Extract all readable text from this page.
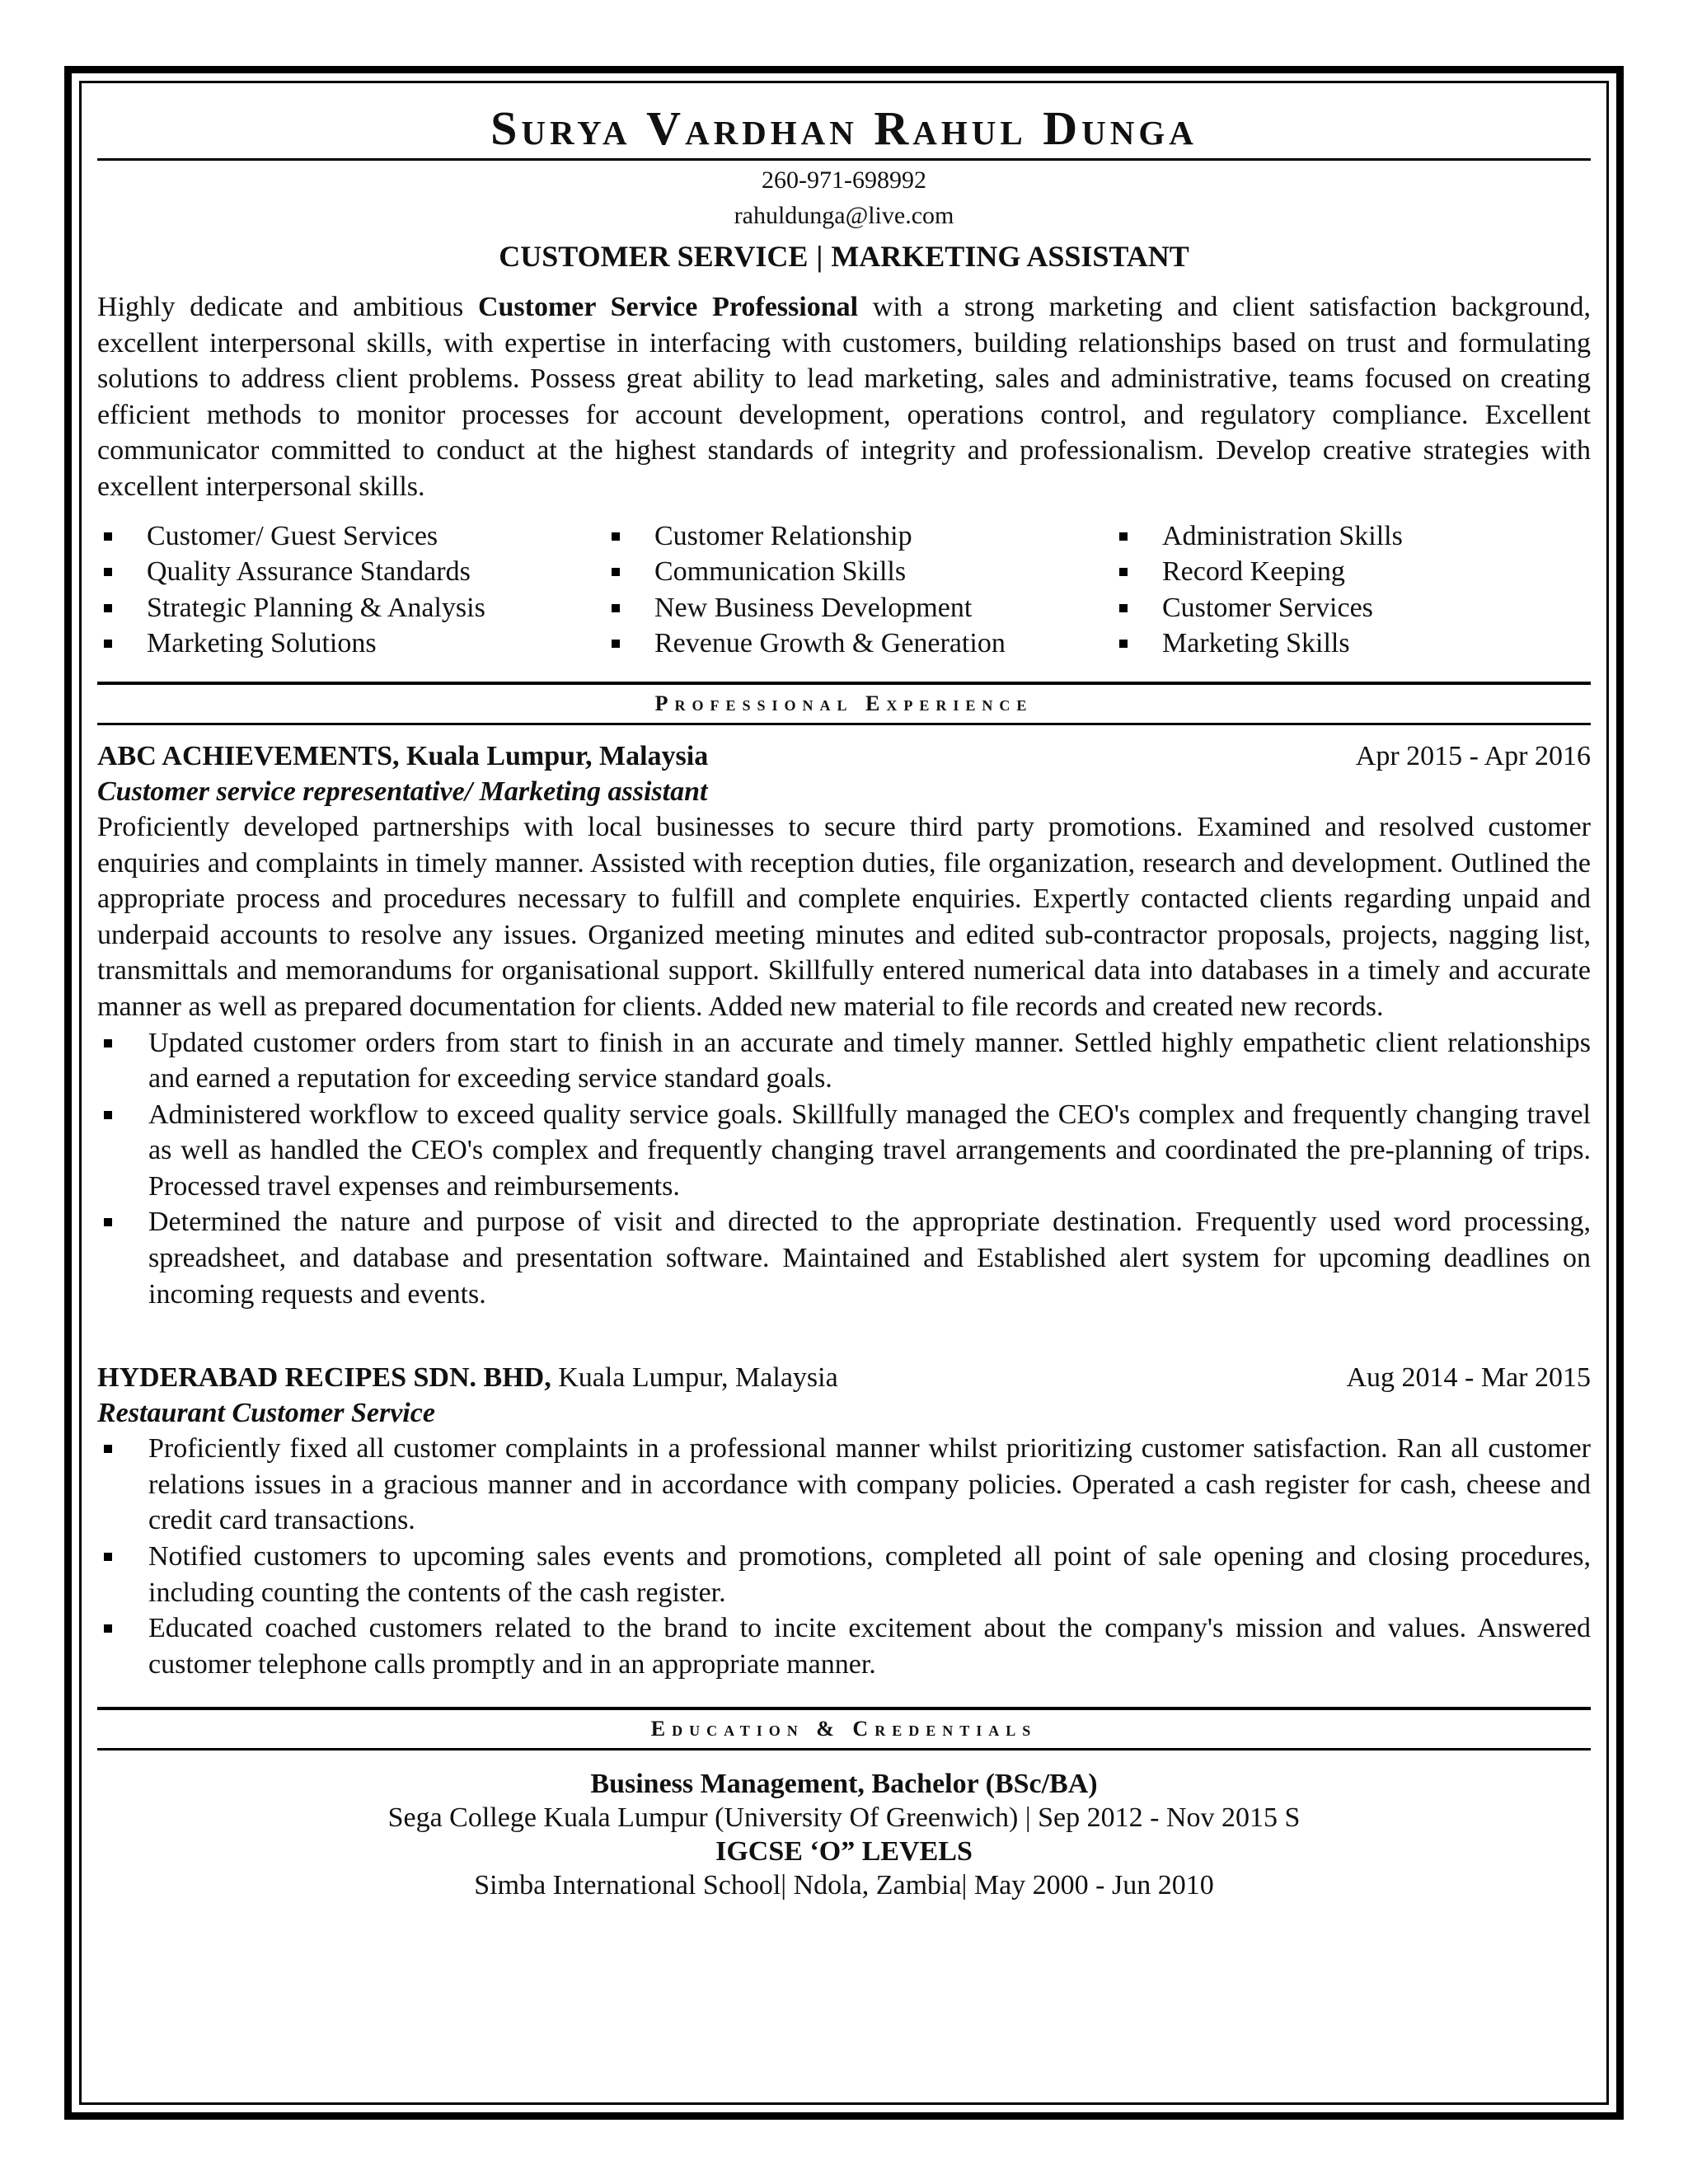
Surya Vardhan Rahul Dunga
260-971-698992
rahuldunga@live.com
CUSTOMER SERVICE | MARKETING ASSISTANT

Highly dedicate and ambitious Customer Service Professional with a strong marketing and client satisfaction background, excellent interpersonal skills, with expertise in interfacing with customers, building relationships based on trust and formulating solutions to address client problems. Possess great ability to lead marketing, sales and administrative, teams focused on creating efficient methods to monitor processes for account development, operations control, and regulatory compliance. Excellent communicator committed to conduct at the highest standards of integrity and professionalism. Develop creative strategies with excellent interpersonal skills.

Customer/ Guest Services
Quality Assurance Standards
Strategic Planning & Analysis
Marketing Solutions
Customer Relationship
Communication Skills
New Business Development
Revenue Growth & Generation
Administration Skills
Record Keeping
Customer Services
Marketing Skills
Professional Experience
ABC ACHIEVEMENTS, Kuala Lumpur, Malaysia	Apr 2015 - Apr 2016
Customer service representative/ Marketing assistant

Proficiently developed partnerships with local businesses to secure third party promotions. Examined and resolved customer enquiries and complaints in timely manner. Assisted with reception duties, file organization, research and development. Outlined the appropriate process and procedures necessary to fulfill and complete enquiries. Expertly contacted clients regarding unpaid and underpaid accounts to resolve any issues. Organized meeting minutes and edited sub-contractor proposals, projects, nagging list, transmittals and memorandums for organisational support. Skillfully entered numerical data into databases in a timely and accurate manner as well as prepared documentation for clients. Added new material to file records and created new records.

Updated customer orders from start to finish in an accurate and timely manner. Settled highly empathetic client relationships and earned a reputation for exceeding service standard goals.
Administered workflow to exceed quality service goals. Skillfully managed the CEO's complex and frequently changing travel as well as handled the CEO's complex and frequently changing travel arrangements and coordinated the pre-planning of trips. Processed travel expenses and reimbursements.
Determined the nature and purpose of visit and directed to the appropriate destination. Frequently used word processing, spreadsheet, and database and presentation software. Maintained and Established alert system for upcoming deadlines on incoming requests and events.
HYDERABAD RECIPES SDN. BHD, Kuala Lumpur, Malaysia	Aug 2014 - Mar 2015
Restaurant Customer Service
Proficiently fixed all customer complaints in a professional manner whilst prioritizing customer satisfaction. Ran all customer relations issues in a gracious manner and in accordance with company policies. Operated a cash register for cash, cheese and credit card transactions.
Notified customers to upcoming sales events and promotions, completed all point of sale opening and closing procedures, including counting the contents of the cash register.
Educated coached customers related to the brand to incite excitement about the company's mission and values. Answered customer telephone calls promptly and in an appropriate manner.
Education & Credentials
Business Management, Bachelor (BSc/BA)
Sega College Kuala Lumpur (University Of Greenwich) | Sep 2012 - Nov 2015 S
IGCSE ‘O” LEVELS
Simba International School| Ndola, Zambia| May 2000 - Jun 2010
